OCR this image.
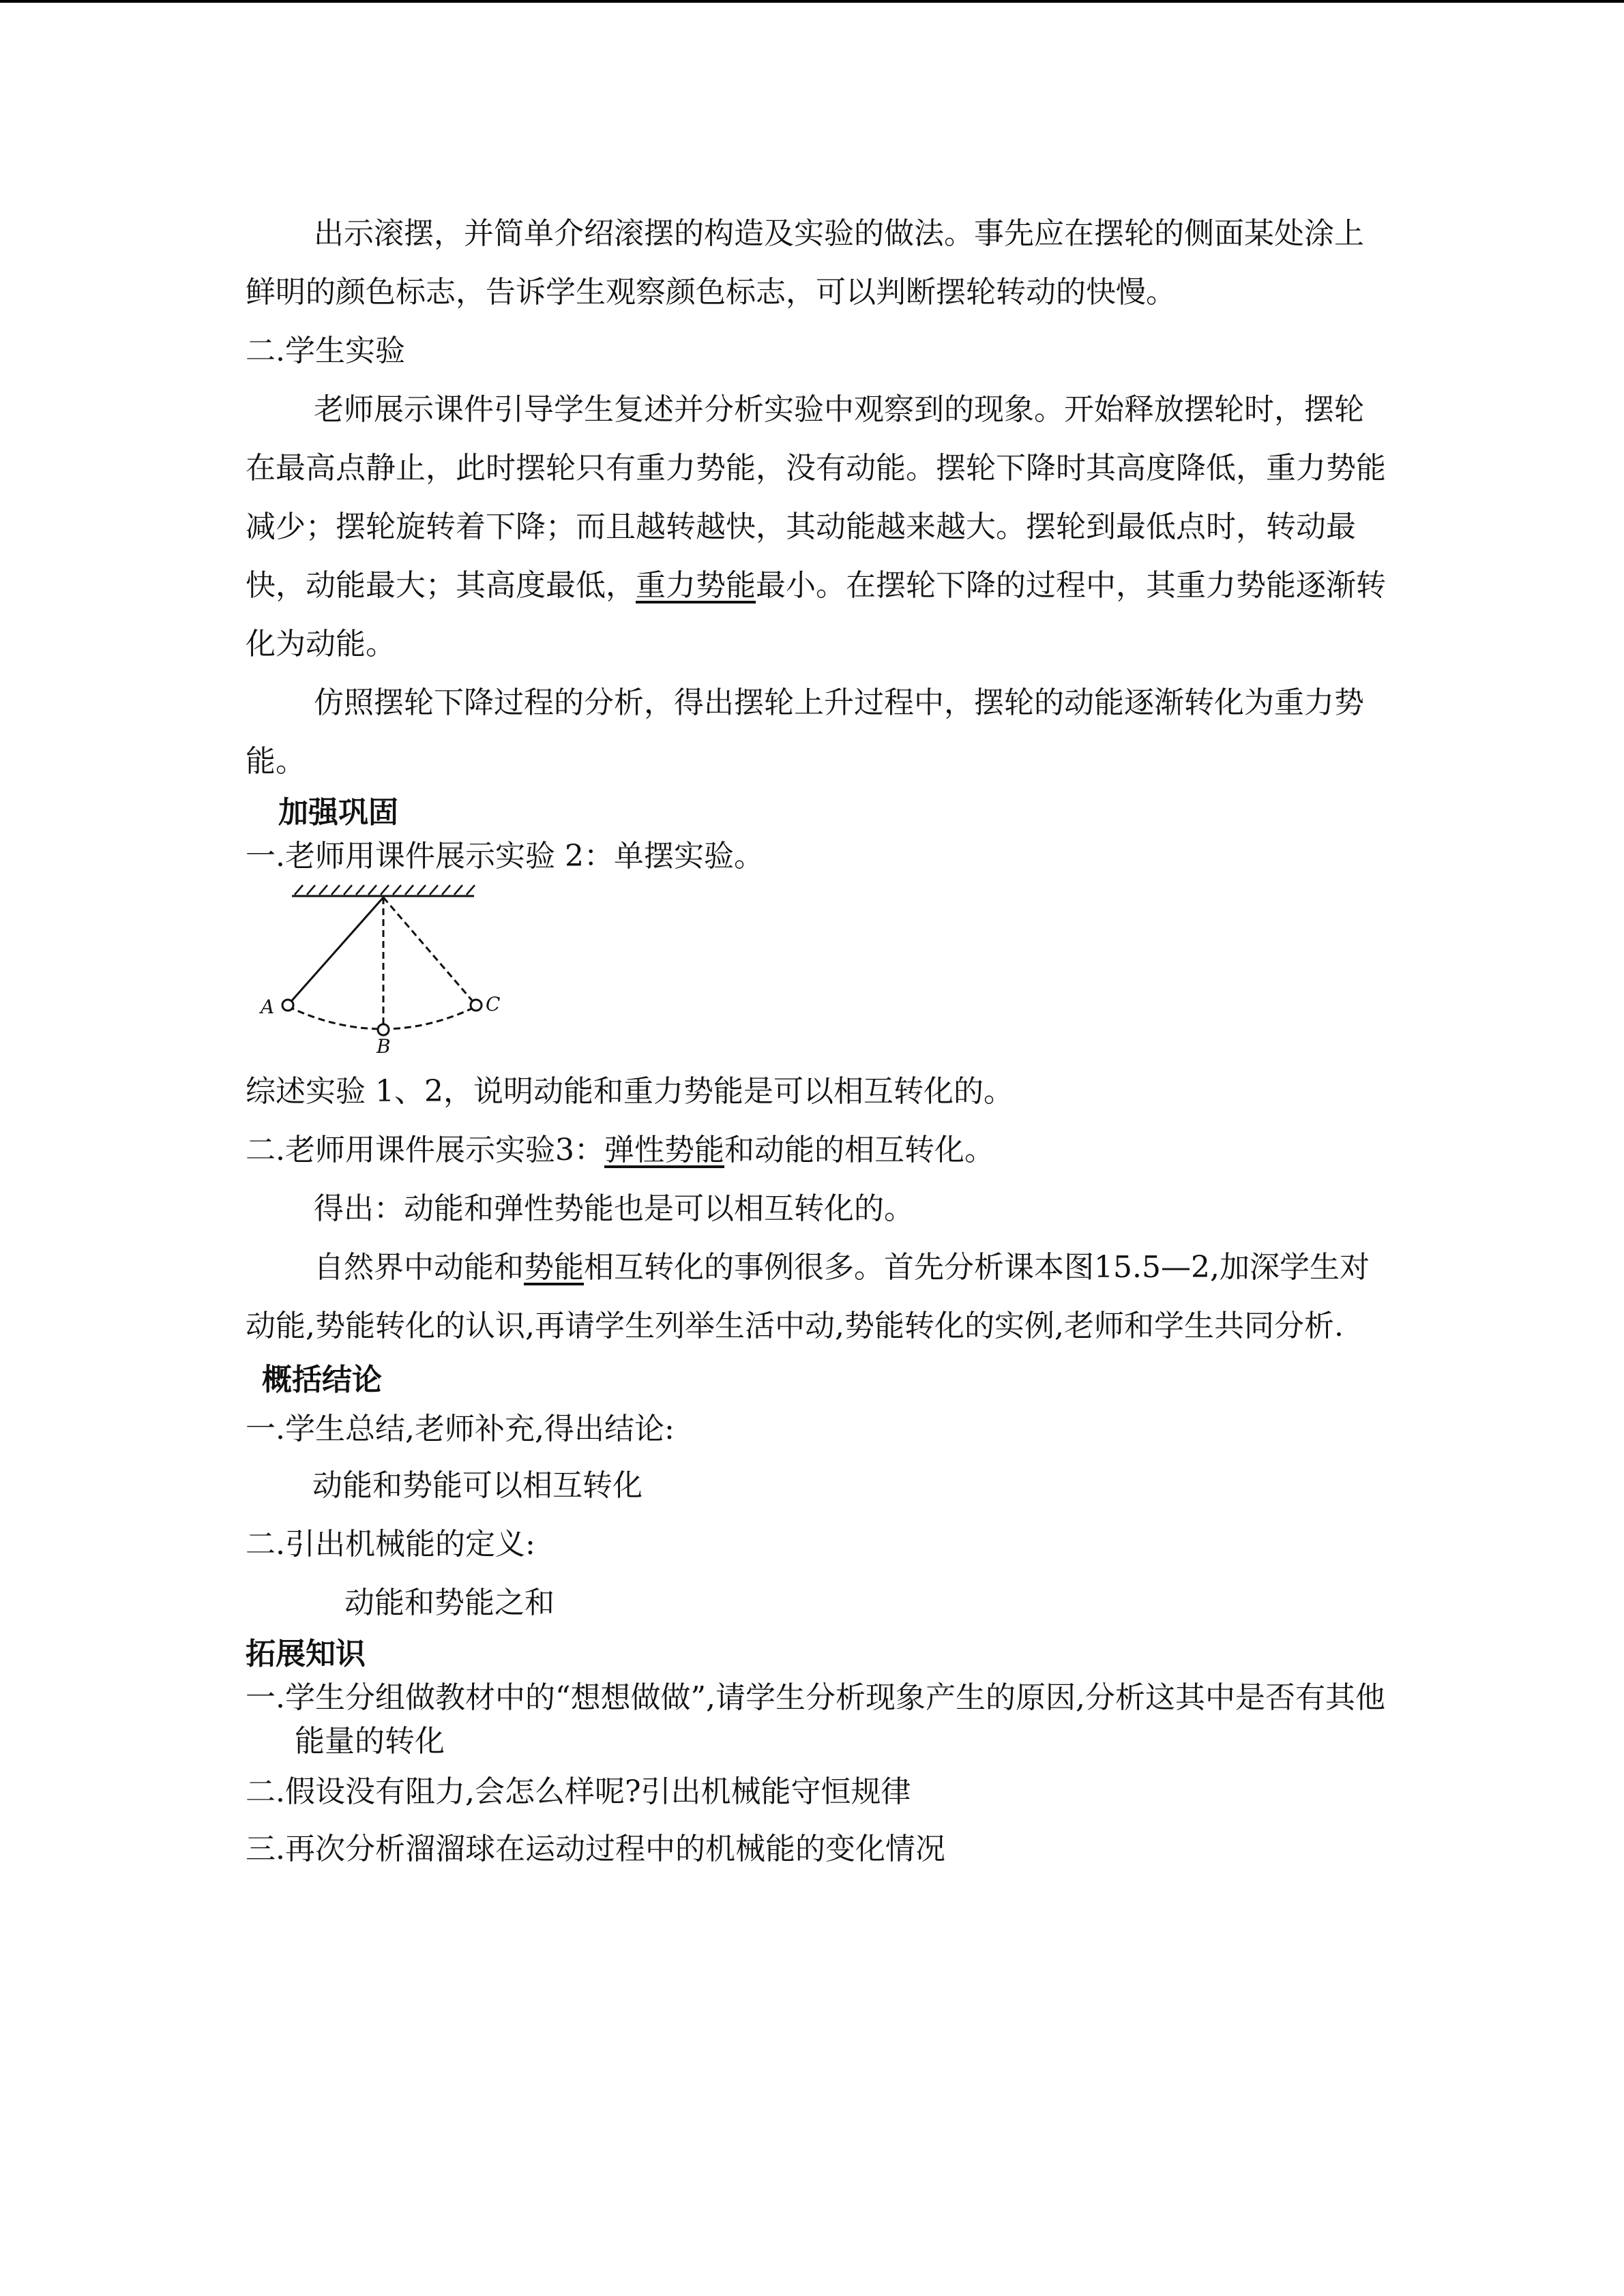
出示滚摆，并简单介绍滚摆的构造及实验的做法。事先应在摆轮的侧面某处涂上鲜明的颜色标志，告诉学生观察颜色标志，可以判断摆轮转动的快慢。

二.学生实验

老师展示课件引导学生复述并分析实验中观察到的现象。开始释放摆轮时，摆轮在最高点静止，此时摆轮只有重力势能，没有动能。摆轮下降时其高度降低，重力势能减少；摆轮旋转着下降；而且越转越快，其动能越来越大。摆轮到最低点时，转动最快，动能最大；其高度最低，重力势能最小。在摆轮下降的过程中，其重力势能逐渐转化为动能。

仿照摆轮下降过程的分析，得出摆轮上升过程中，摆轮的动能逐渐转化为重力势能。

加强巩固

一.老师用课件展示实验 2：单摆实验。

A
B
C

综述实验 1、2，说明动能和重力势能是可以相互转化的。

二.老师用课件展示实验3：弹性势能和动能的相互转化。

得出：动能和弹性势能也是可以相互转化的。

自然界中动能和势能相互转化的事例很多。首先分析课本图15.5—2,加深学生对动能,势能转化的认识,再请学生列举生活中动,势能转化的实例,老师和学生共同分析.

概括结论

一.学生总结,老师补充,得出结论:

动能和势能可以相互转化

二.引出机械能的定义:

动能和势能之和

拓展知识

一.学生分组做教材中的“想想做做”,请学生分析现象产生的原因,分析这其中是否有其他能量的转化

二.假设没有阻力,会怎么样呢?引出机械能守恒规律

三.再次分析溜溜球在运动过程中的机械能的变化情况
